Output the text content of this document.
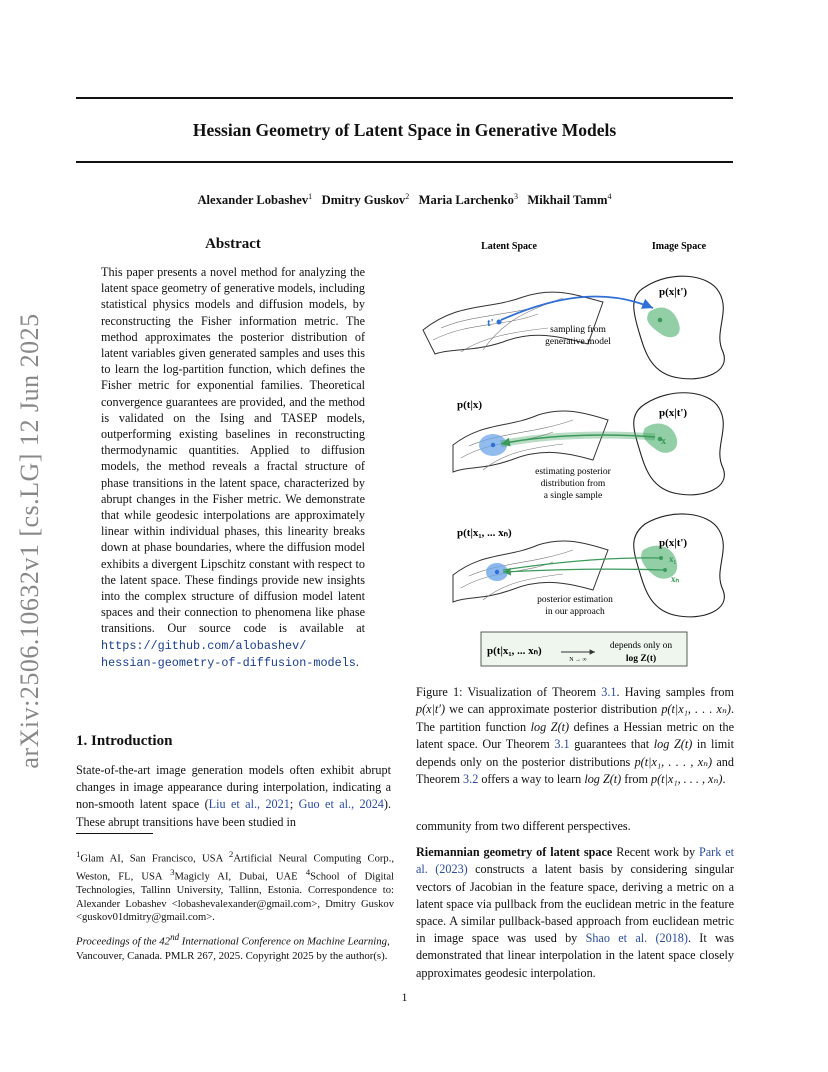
Hessian Geometry of Latent Space in Generative Models
Alexander Lobashev$^1$ Dmitry Guskov$^2$ Maria Larchenko$^3$ Mikhail Tamm$^4$
arXiv:2506.10632v1 [cs.LG] 12 Jun 2025
Abstract

This paper presents a novel method for analyzing the latent space geometry of generative models, including statistical physics models and diffusion models, by reconstructing the Fisher information metric. The method approximates the posterior distribution of latent variables given generated samples and uses this to learn the log-partition function, which defines the Fisher metric for exponential families. Theoretical convergence guarantees are provided, and the method is validated on the Ising and TASEP models, outperforming existing baselines in reconstructing thermodynamic quantities. Applied to diffusion models, the method reveals a fractal structure of phase transitions in the latent space, characterized by abrupt changes in the Fisher metric. We demonstrate that while geodesic interpolations are approximately linear within individual phases, this linearity breaks down at phase boundaries, where the diffusion model exhibits a divergent Lipschitz constant with respect to the latent space. These findings provide new insights into the complex structure of diffusion model latent spaces and their connection to phenomena like phase transitions. Our source code is available at https://github.com/alobashev/
hessian-geometry-of-diffusion-models.

1. Introduction
State-of-the-art image generation models often exhibit abrupt changes in image appearance during interpolation, indicating a non-smooth latent space (Liu et al., 2021; Guo et al., 2024). These abrupt transitions have been studied in
$^1$Glam AI, San Francisco, USA $^2$Artificial Neural Computing Corp., Weston, FL, USA $^3$Magicly AI, Dubai, UAE $^4$School of Digital Technologies, Tallinn University, Tallinn, Estonia. Correspondence to: Alexander Lobashev <lobashevalexander@gmail.com>, Dmitry Guskov <guskov01dmitry@gmail.com>.
Proceedings of the 42nd International Conference on Machine Learning, Vancouver, Canada. PMLR 267, 2025. Copyright 2025 by the author(s).
Latent Space	Image Space
t'
p(x|t')
sampling from
generative model
p(t|x)
p(x|t')
x
estimating posterior
distribution from
a single sample
p(t|x₁, ... xₙ)
p(x|t')
x₁
xₙ
posterior estimation
in our approach
p(t|x₁, ... xₙ)
N → ∞
depends only on
log Z(t)
Figure 1: Visualization of Theorem 3.1. Having samples from p(x|t′) we can approximate posterior distribution p(t|x₁, . . . xₙ). The partition function log Z(t) defines a Hessian metric on the latent space. Our Theorem 3.1 guarantees that log Z(t) in limit depends only on the posterior distributions p(t|x₁, . . . , xₙ) and Theorem 3.2 offers a way to learn log Z(t) from p(t|x₁, . . . , xₙ).

community from two different perspectives.

Riemannian geometry of latent space Recent work by Park et al. (2023) constructs a latent basis by considering singular vectors of Jacobian in the feature space, deriving a metric on a latent space via pullback from the euclidean metric in the feature space. A similar pullback-based approach from euclidean metric in image space was used by Shao et al. (2018). It was demonstrated that linear interpolation in the latent space closely approximates geodesic interpolation.

1
